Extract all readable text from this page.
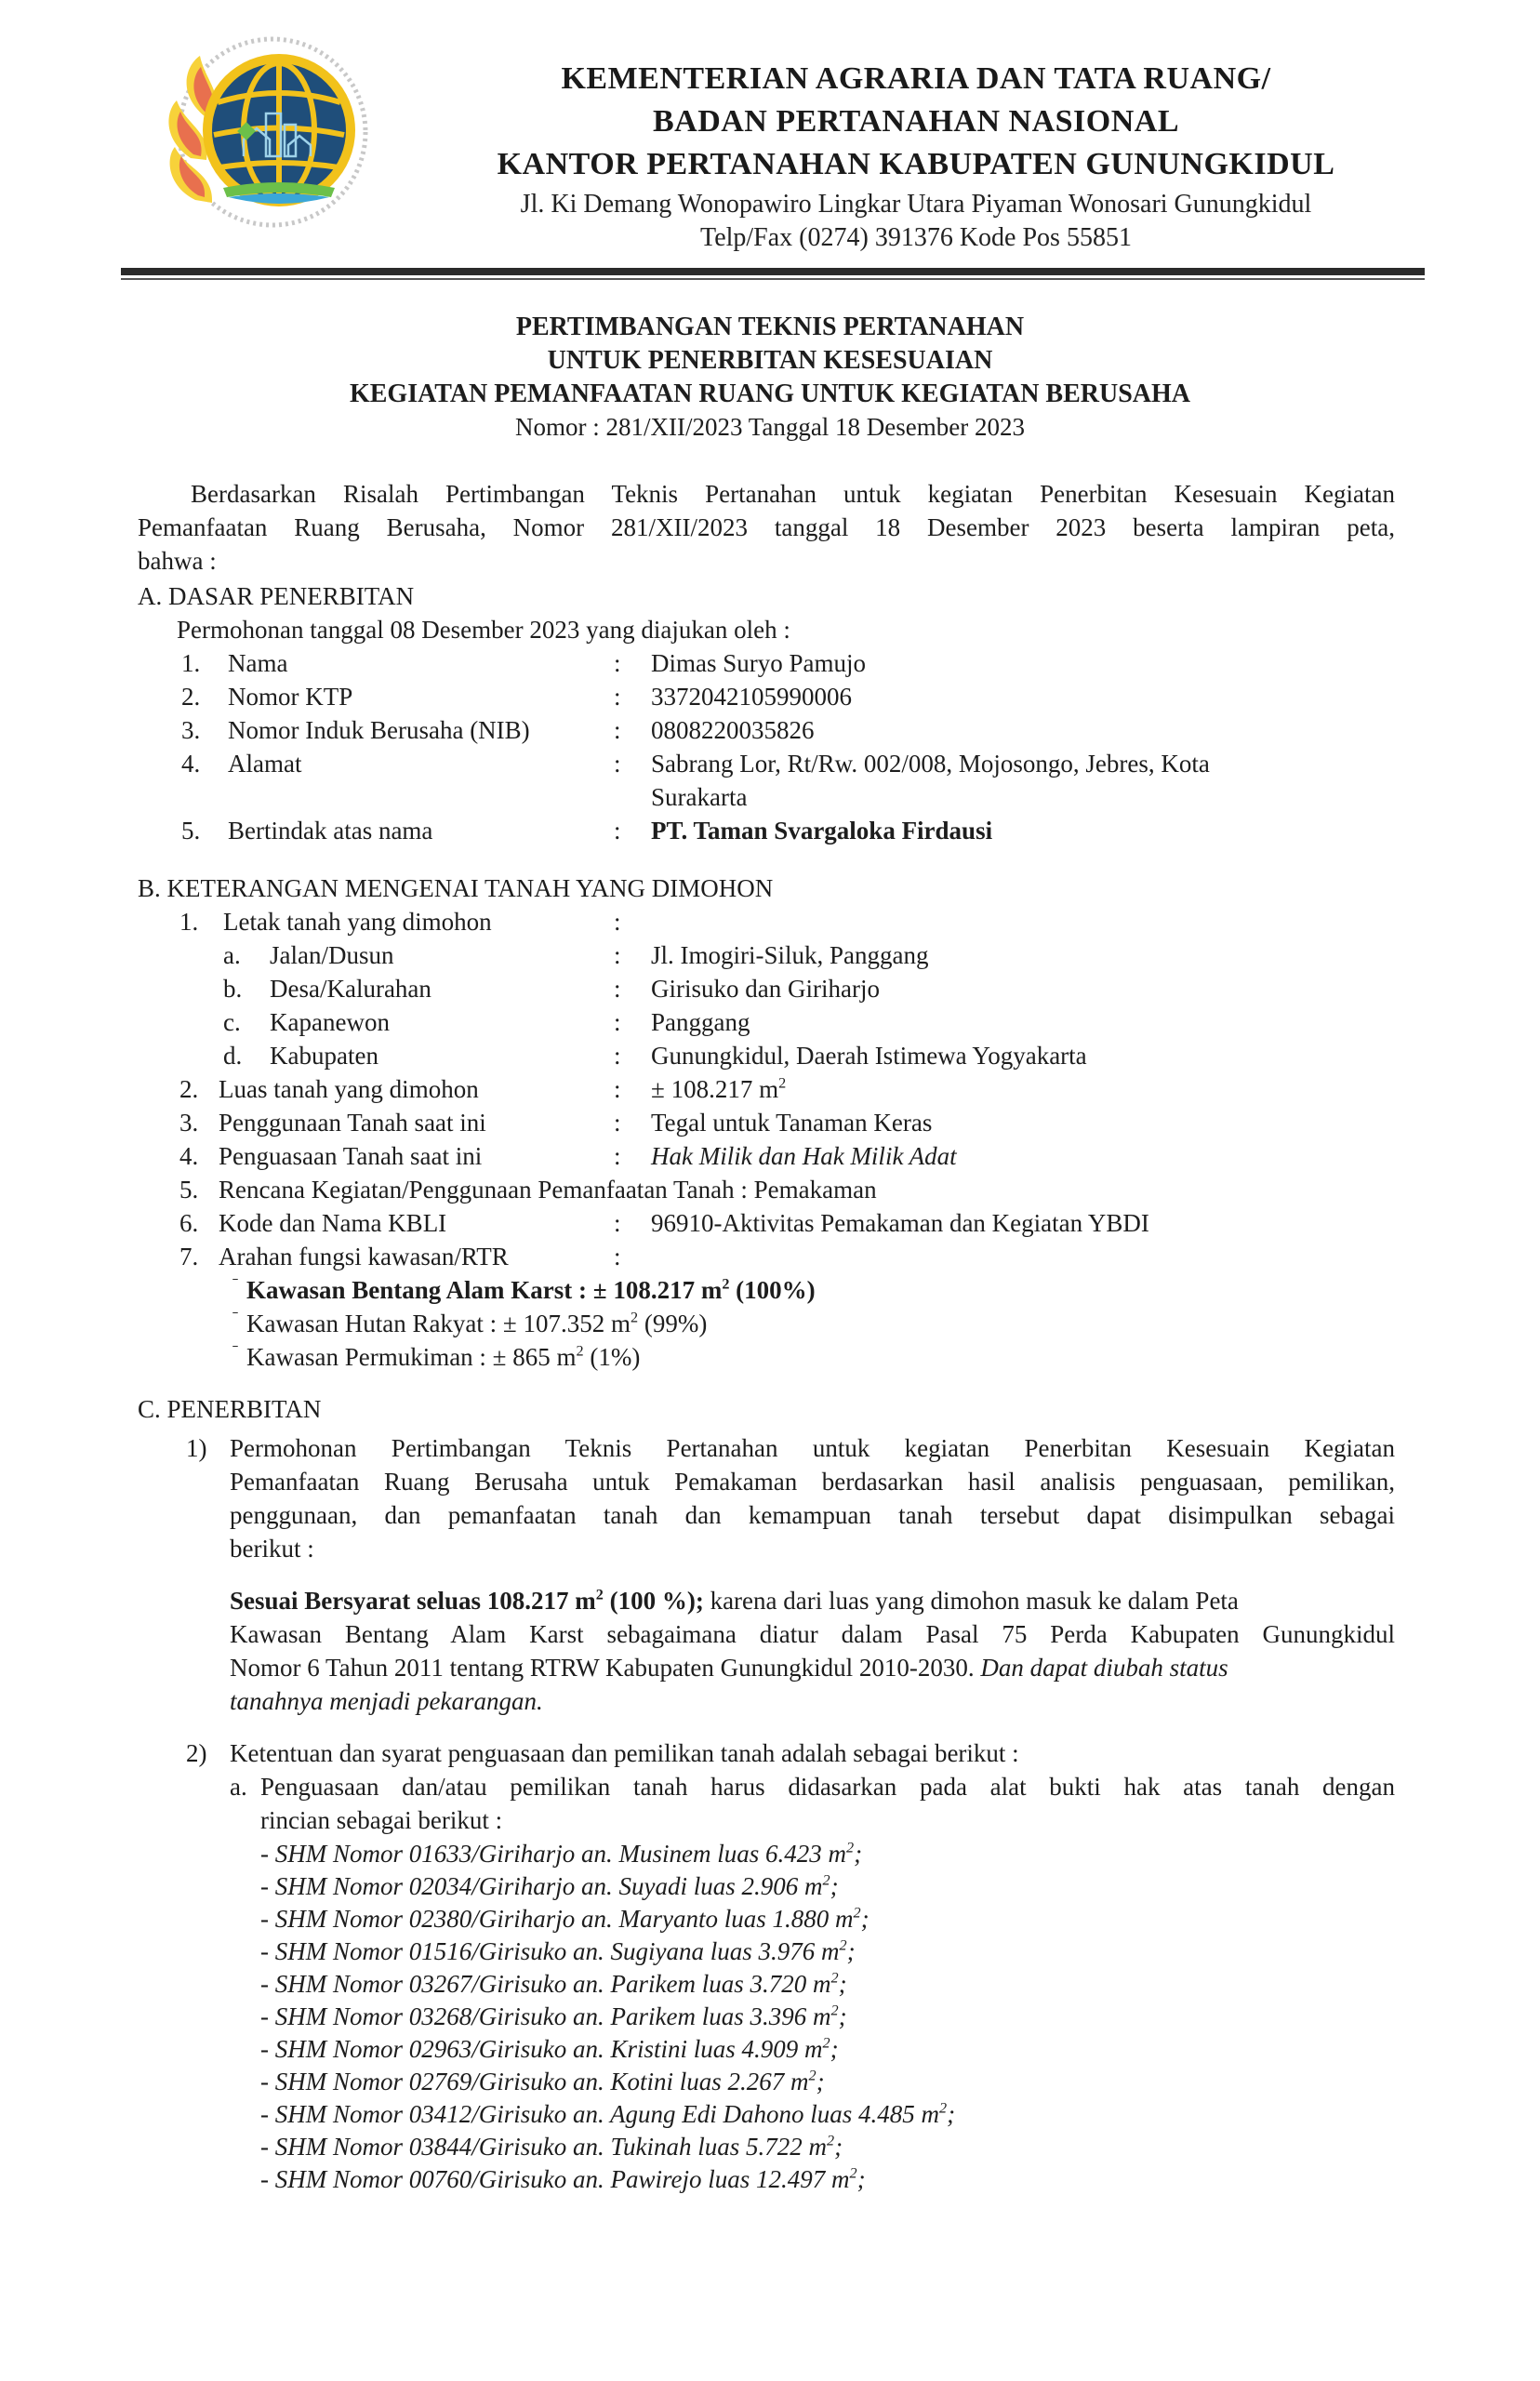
KEMENTERIAN AGRARIA DAN TATA RUANG/
BADAN PERTANAHAN NASIONAL
KANTOR PERTANAHAN KABUPATEN GUNUNGKIDUL
Jl. Ki Demang Wonopawiro Lingkar Utara Piyaman Wonosari Gunungkidul
Telp/Fax (0274) 391376 Kode Pos 55851
PERTIMBANGAN TEKNIS PERTANAHAN
UNTUK PENERBITAN KESESUAIAN
KEGIATAN PEMANFAATAN RUANG UNTUK KEGIATAN BERUSAHA
Nomor : 281/XII/2023 Tanggal 18 Desember 2023
Berdasarkan Risalah Pertimbangan Teknis Pertanahan untuk kegiatan Penerbitan Kesesuain Kegiatan
Pemanfaatan Ruang Berusaha, Nomor 281/XII/2023 tanggal 18 Desember 2023 beserta lampiran peta,
bahwa :
A. DASAR PENERBITAN
Permohonan tanggal 08 Desember 2023 yang diajukan oleh :
1. Nama	: Dimas Suryo Pamujo
2. Nomor KTP	: 3372042105990006
3. Nomor Induk Berusaha (NIB)	: 0808220035826
4. Alamat	: Sabrang Lor, Rt/Rw. 002/008, Mojosongo, Jebres, Kota
Surakarta
5. Bertindak atas nama	: PT. Taman Svargaloka Firdausi
B. KETERANGAN MENGENAI TANAH YANG DIMOHON
1. Letak tanah yang dimohon	:
a. Jalan/Dusun	: Jl. Imogiri-Siluk, Panggang
b. Desa/Kalurahan	: Girisuko dan Giriharjo
c. Kapanewon	: Panggang
d. Kabupaten	: Gunungkidul, Daerah Istimewa Yogyakarta
2. Luas tanah yang dimohon	: ± 108.217 $m^2$
3. Penggunaan Tanah saat ini	: Tegal untuk Tanaman Keras
4. Penguasaan Tanah saat ini	: Hak Milik dan Hak Milik Adat
5. Rencana Kegiatan/Penggunaan Pemanfaatan Tanah : Pemakaman
6. Kode dan Nama KBLI	: 96910-Aktivitas Pemakaman dan Kegiatan YBDI
7. Arahan fungsi kawasan/RTR	:
ˉ Kawasan Bentang Alam Karst : ± 108.217 $m^2$ (100%)
ˉ Kawasan Hutan Rakyat : ± 107.352 $m^2$ (99%)
ˉ Kawasan Permukiman : ± 865 $m^2$ (1%)
C. PENERBITAN
1) Permohonan Pertimbangan Teknis Pertanahan untuk kegiatan Penerbitan Kesesuain Kegiatan
Pemanfaatan Ruang Berusaha untuk Pemakaman berdasarkan hasil analisis penguasaan, pemilikan,
penggunaan, dan pemanfaatan tanah dan kemampuan tanah tersebut dapat disimpulkan sebagai
berikut :
Sesuai Bersyarat seluas 108.217 $m^2$ (100 %); karena dari luas yang dimohon masuk ke dalam Peta
Kawasan Bentang Alam Karst sebagaimana diatur dalam Pasal 75 Perda Kabupaten Gunungkidul
Nomor 6 Tahun 2011 tentang RTRW Kabupaten Gunungkidul 2010-2030. Dan dapat diubah status
tanahnya menjadi pekarangan.
2) Ketentuan dan syarat penguasaan dan pemilikan tanah adalah sebagai berikut :
a. Penguasaan dan/atau pemilikan tanah harus didasarkan pada alat bukti hak atas tanah dengan
rincian sebagai berikut :
- SHM Nomor 01633/Giriharjo an. Musinem luas 6.423 $m^2$;
- SHM Nomor 02034/Giriharjo an. Suyadi luas 2.906 $m^2$;
- SHM Nomor 02380/Giriharjo an. Maryanto luas 1.880 $m^2$;
- SHM Nomor 01516/Girisuko an. Sugiyana luas 3.976 $m^2$;
- SHM Nomor 03267/Girisuko an. Parikem luas 3.720 $m^2$;
- SHM Nomor 03268/Girisuko an. Parikem luas 3.396 $m^2$;
- SHM Nomor 02963/Girisuko an. Kristini luas 4.909 $m^2$;
- SHM Nomor 02769/Girisuko an. Kotini luas 2.267 $m^2$;
- SHM Nomor 03412/Girisuko an. Agung Edi Dahono luas 4.485 $m^2$;
- SHM Nomor 03844/Girisuko an. Tukinah luas 5.722 $m^2$;
- SHM Nomor 00760/Girisuko an. Pawirejo luas 12.497 $m^2$;
